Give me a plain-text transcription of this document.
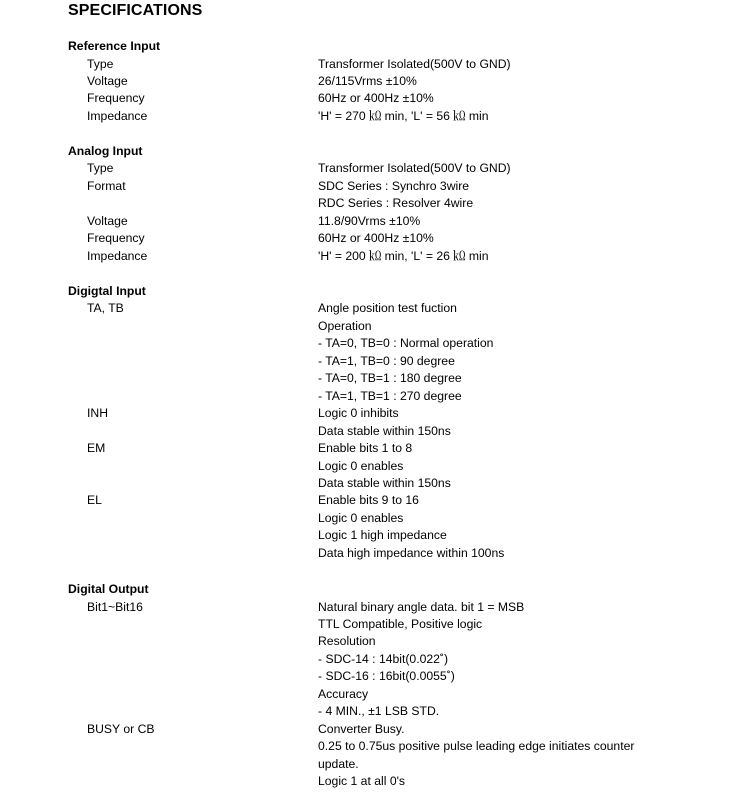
SPECIFICATIONS
Reference Input
Type	Transformer Isolated(500V to GND)
Voltage	26/115Vrms ±10%
Frequency	60Hz or 400Hz ±10%
Impedance	'H' = 270 ㏀ min, 'L' = 56 ㏀ min
Analog Input
Type	Transformer Isolated(500V to GND)
Format	SDC Series : Synchro 3wire
RDC Series : Resolver 4wire
Voltage	11.8/90Vrms ±10%
Frequency	60Hz or 400Hz ±10%
Impedance	'H' = 200 ㏀ min, 'L' = 26 ㏀ min
Digigtal Input
TA, TB	Angle position test fuction
Operation
- TA=0, TB=0 : Normal operation
- TA=1, TB=0 : 90 degree
- TA=0, TB=1 : 180 degree
- TA=1, TB=1 : 270 degree
INH	Logic 0 inhibits
Data stable within 150ns
EM	Enable bits 1 to 8
Logic 0 enables
Data stable within 150ns
EL	Enable bits 9 to 16
Logic 0 enables
Logic 1 high impedance
Data high impedance within 100ns
Digital Output
Bit1~Bit16	Natural binary angle data. bit 1 = MSB
TTL Compatible, Positive logic
Resolution
- SDC-14 : 14bit(0.022˚)
- SDC-16 : 16bit(0.0055˚)
Accuracy
- 4 MIN., ±1 LSB STD.
BUSY or CB	Converter Busy.
0.25 to 0.75us positive pulse leading edge initiates counter
update.
Logic 1 at all 0's
